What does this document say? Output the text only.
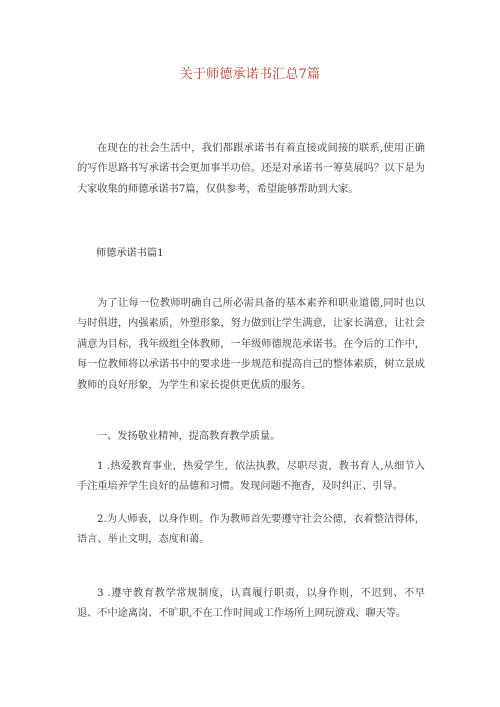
关于师德承诺书汇总7篇

在现在的社会生活中，我们都跟承诺书有着直接或间接的联系,使用正确的写作思路书写承诺书会更加事半功倍。还是对承诺书一筹莫展吗？以下是为大家收集的师德承诺书7篇，仅供参考，希望能够帮助到大家。

师德承诺书篇1

为了让每一位教师明确自己所必需具备的基本素养和职业道德,同时也以与时俱进，内强素质，外塑形象，努力做到让学生满意，让家长满意，让社会满意为目标，我年级组全体教师，一年级师德规范承诺书。在今后的工作中，每一位教师将以承诺书中的要求进一步规范和提高自己的整体素质，树立景成教师的良好形象，为学生和家长提供更优质的服务。

一、发扬敬业精神，提高教育教学质量。

1 .热爱教育事业，热爱学生，依法执教，尽职尽责，教书育人,从细节入手注重培养学生良好的品德和习惯。发现问题不拖杳，及时纠正、引导。

2.为人师表，以身作则。作为教师首先要遵守社会公德，衣着整洁得体，语言、举止文明，态度和蔼。

3 .遵守教育教学常规制度，认真履行职责，以身作则，不迟到、不早退、不中途离岗、不旷职,不在工作时间或工作场所上网玩游戏、聊天等。
